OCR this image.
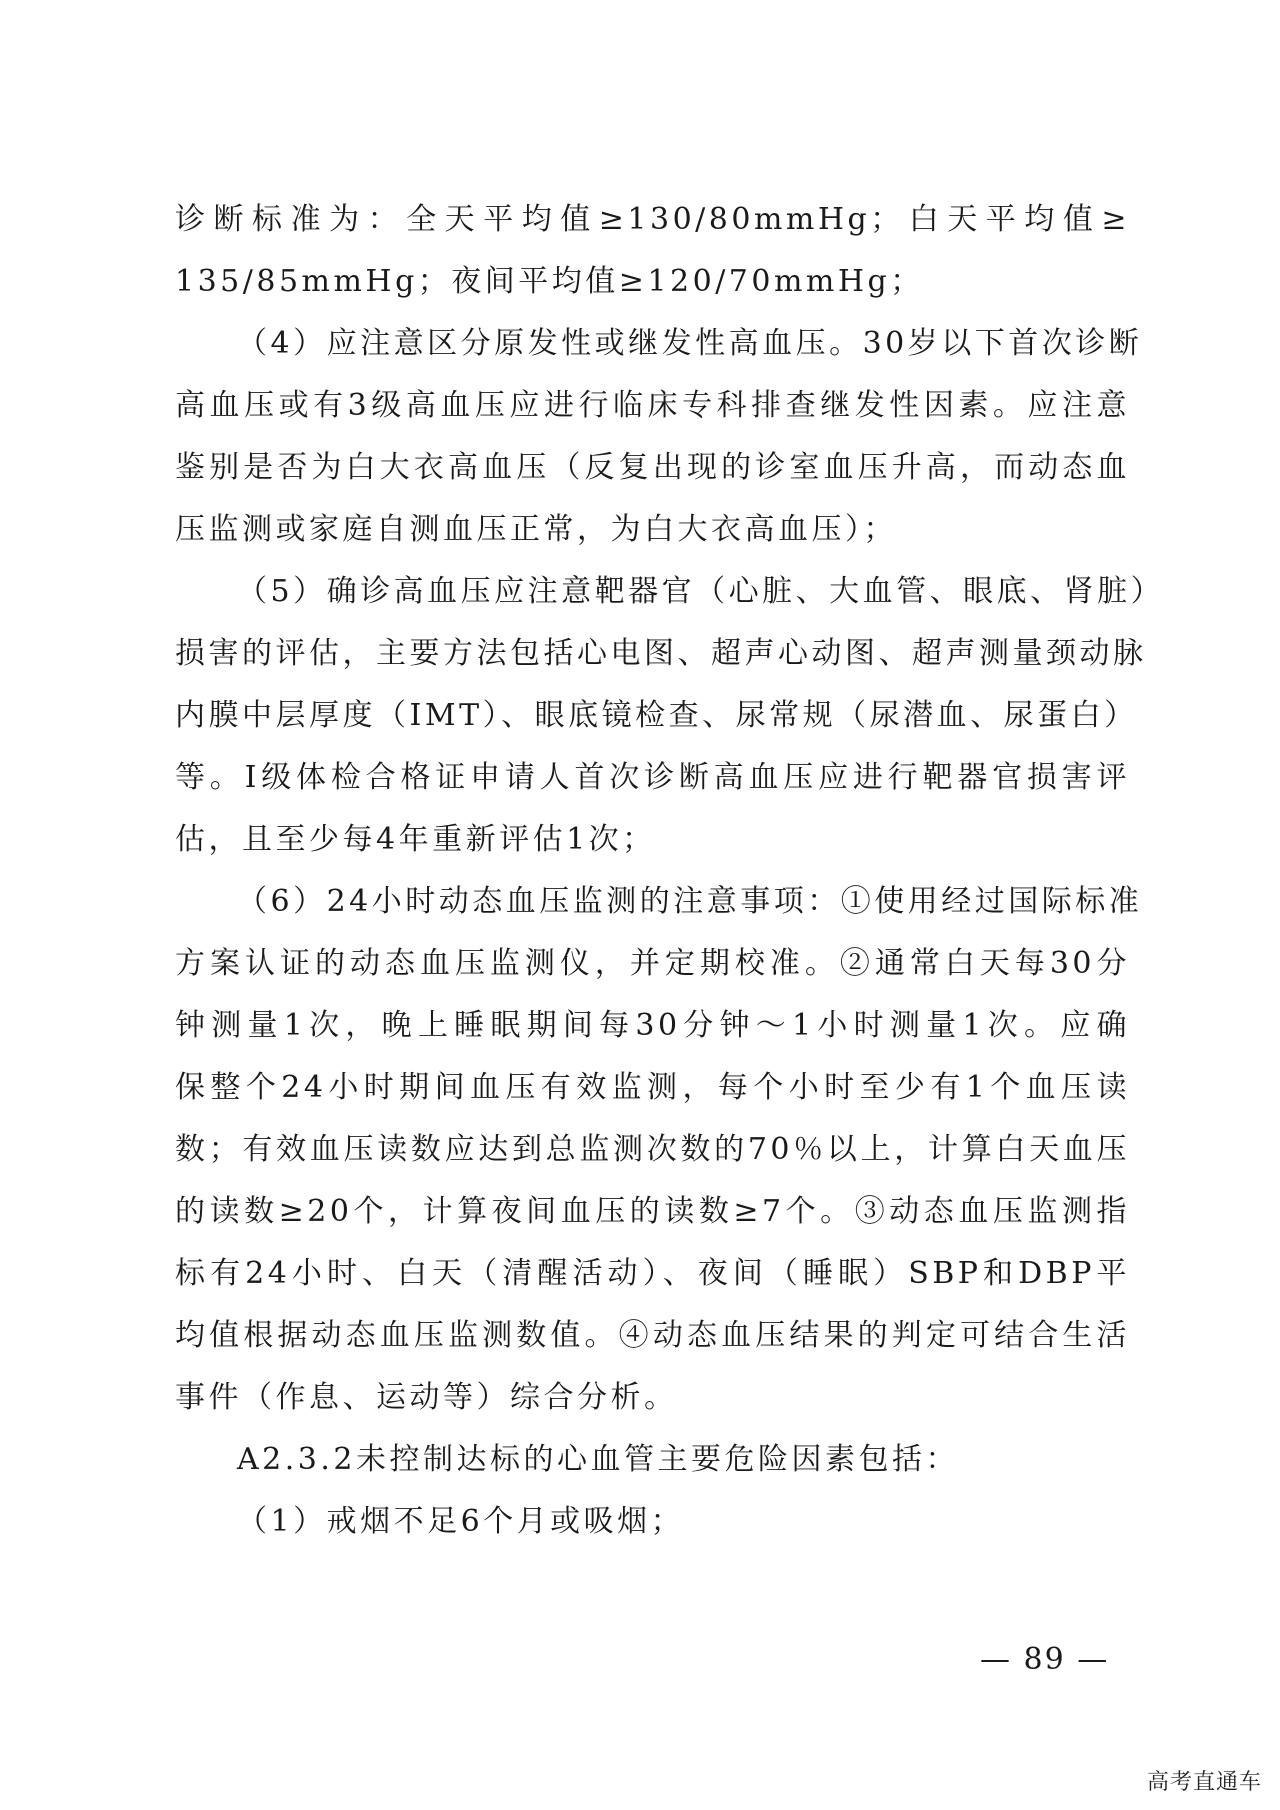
诊断标准为：全天平均值≥130/80mmHg；白天平均值≥
135/85mmHg；夜间平均值≥120/70mmHg；
（4）应注意区分原发性或继发性高血压。30岁以下首次诊断
高血压或有3级高血压应进行临床专科排查继发性因素。应注意
鉴别是否为白大衣高血压（反复出现的诊室血压升高，而动态血
压监测或家庭自测血压正常，为白大衣高血压）；
（5）确诊高血压应注意靶器官（心脏、大血管、眼底、肾脏）
损害的评估，主要方法包括心电图、超声心动图、超声测量颈动脉
内膜中层厚度（IMT）、眼底镜检查、尿常规（尿潜血、尿蛋白）
等。Ⅰ级体检合格证申请人首次诊断高血压应进行靶器官损害评
估，且至少每4年重新评估1次；
（6）24小时动态血压监测的注意事项：①使用经过国际标准
方案认证的动态血压监测仪，并定期校准。②通常白天每30分
钟测量1次，晚上睡眠期间每30分钟～1小时测量1次。应确
保整个24小时期间血压有效监测，每个小时至少有1个血压读
数；有效血压读数应达到总监测次数的70％以上，计算白天血压
的读数≥20个，计算夜间血压的读数≥7个。③动态血压监测指
标有24小时、白天（清醒活动）、夜间（睡眠）SBP和DBP平
均值根据动态血压监测数值。④动态血压结果的判定可结合生活
事件（作息、运动等）综合分析。
A2.3.2未控制达标的心血管主要危险因素包括：
（1）戒烟不足6个月或吸烟；
— 89 —
高考直通车
